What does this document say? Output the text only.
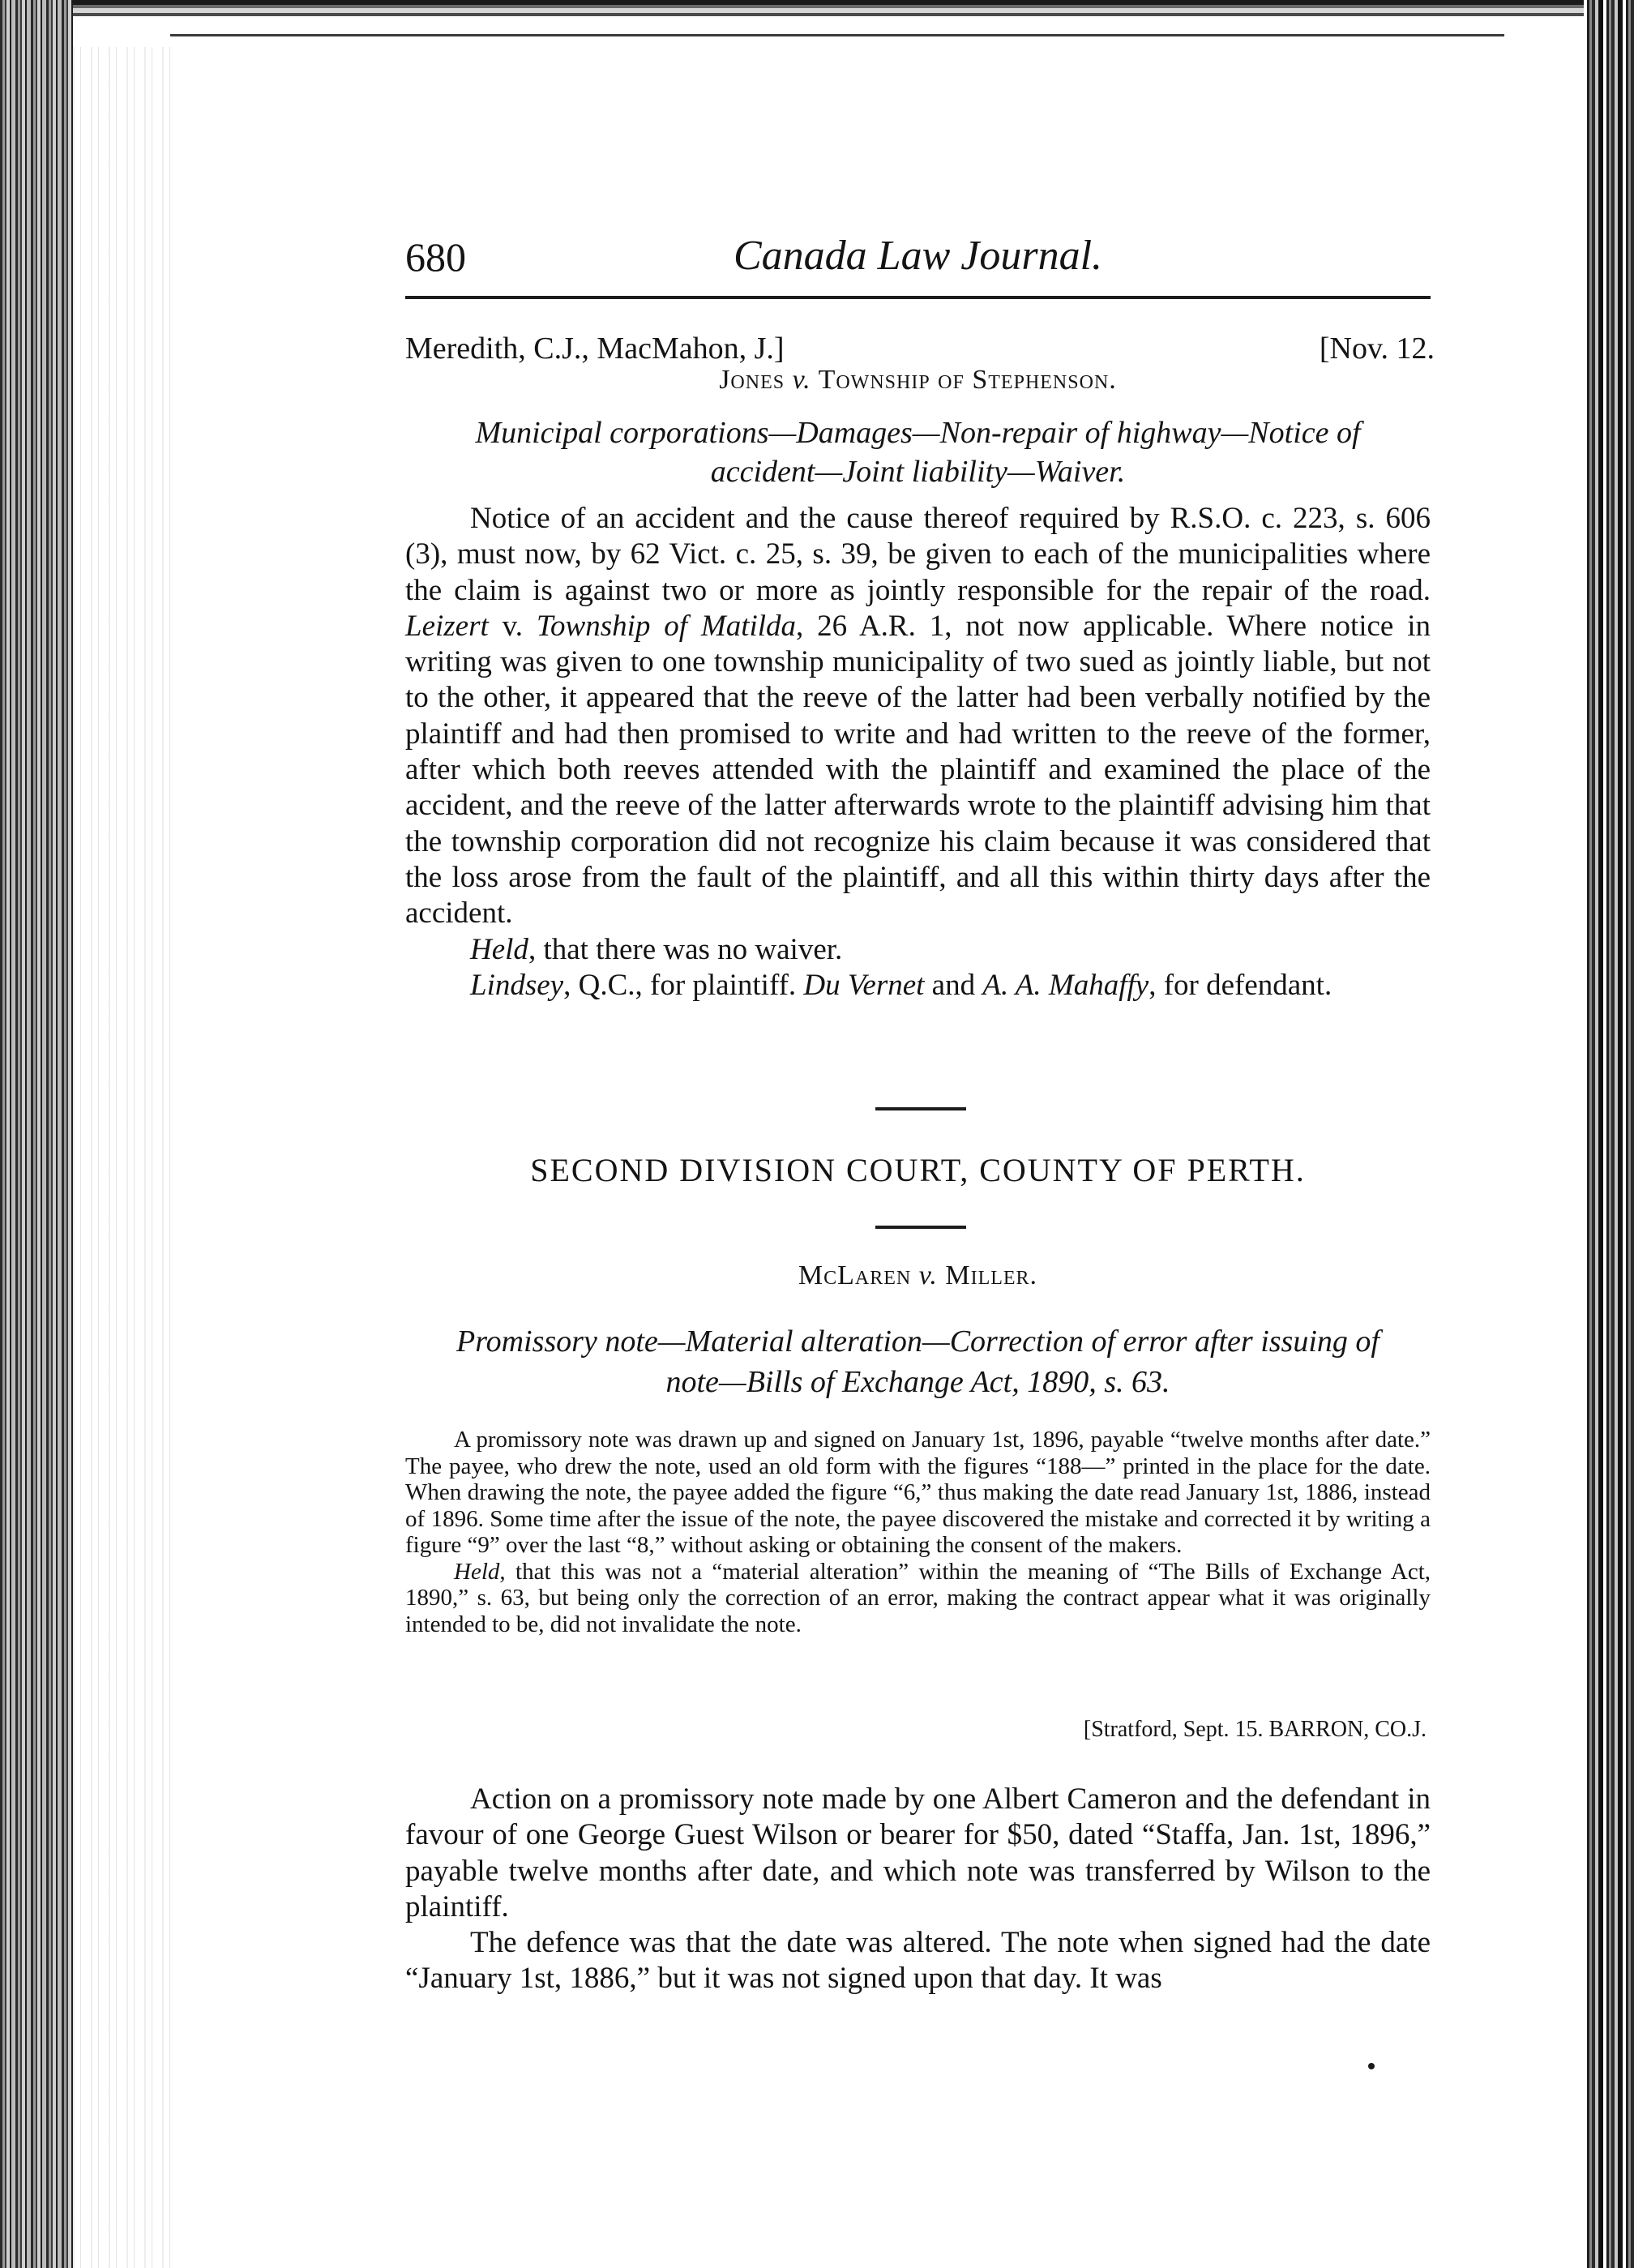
680	Canada Law Journal.
Meredith, C.J., MacMahon, J.]	[Nov. 12.
Jones v. Township of Stephenson.
Municipal corporations—Damages—Non-repair of highway—Notice of
accident—Joint liability—Waiver.

Notice of an accident and the cause thereof required by R.S.O. c. 223, s. 606 (3), must now, by 62 Vict. c. 25, s. 39, be given to each of the municipalities where the claim is against two or more as jointly responsible for the repair of the road. Leizert v. Township of Matilda, 26 A.R. 1, not now applicable. Where notice in writing was given to one township municipality of two sued as jointly liable, but not to the other, it appeared that the reeve of the latter had been verbally notified by the plaintiff and had then promised to write and had written to the reeve of the former, after which both reeves attended with the plaintiff and examined the place of the accident, and the reeve of the latter afterwards wrote to the plaintiff advising him that the township corporation did not recognize his claim because it was considered that the loss arose from the fault of the plaintiff, and all this within thirty days after the accident.

Held, that there was no waiver.

Lindsey, Q.C., for plaintiff. Du Vernet and A. A. Mahaffy, for defendant.

SECOND DIVISION COURT, COUNTY OF PERTH.
McLaren v. Miller.
Promissory note—Material alteration—Correction of error after issuing of
note—Bills of Exchange Act, 1890, s. 63.

A promissory note was drawn up and signed on January 1st, 1896, payable “twelve months after date.” The payee, who drew the note, used an old form with the figures “188—” printed in the place for the date. When drawing the note, the payee added the figure “6,” thus making the date read January 1st, 1886, instead of 1896. Some time after the issue of the note, the payee discovered the mistake and corrected it by writing a figure “9” over the last “8,” without asking or obtaining the consent of the makers.

Held, that this was not a “material alteration” within the meaning of “The Bills of Exchange Act, 1890,” s. 63, but being only the correction of an error, making the contract appear what it was originally intended to be, did not invalidate the note.

[Stratford, Sept. 15. BARRON, CO.J.

Action on a promissory note made by one Albert Cameron and the defendant in favour of one George Guest Wilson or bearer for $50, dated “Staffa, Jan. 1st, 1896,” payable twelve months after date, and which note was transferred by Wilson to the plaintiff.

The defence was that the date was altered. The note when signed had the date “January 1st, 1886,” but it was not signed upon that day. It was
